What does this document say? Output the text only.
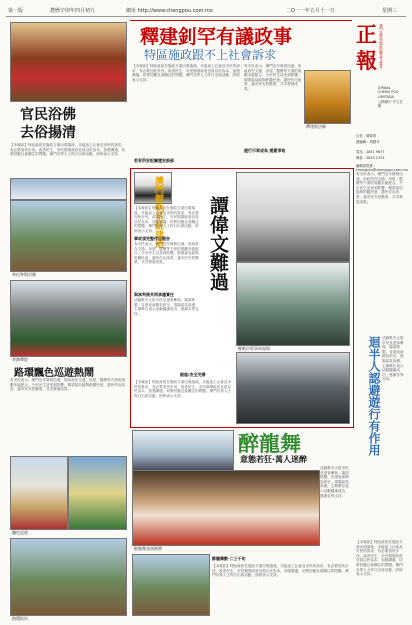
第一版	農曆辛卯年四月初九	網址 http://www.chengpou.com.mo	二O一一年五月十一日	星期三
官民浴佛
去俗揚清
【本報訊】特區政府在施政方面出現落後，未能追上社會及市民的訴求，有必要加快步伐，改善民生，市民期望政府官員以民為本，加強溝通，切實回應社會關注的問題。澳門各界人士昨日出席活動，紛紛表示支持。
善信參與浴佛
普濟禪院
路環飄色巡遊熱鬧
有市民表示，澳門近年發展迅速，但政府在交通、房屋、醫療等方面的規劃未能配合，令市民生活受到影響。期望當局能夠聆聽民意，盡快作出改善，讓市民安居樂業，共享發展成果。
飄色巡遊
路環街坊
釋建釗罕有議政事
特區施政跟不上社會訴求
【本報訊】特區政府在施政方面出現落後，未能追上社會及市民的訴求，有必要加快步伐，改善民生，市民期望政府官員以民為本，加強溝通，切實回應社會關注的問題。澳門各界人士昨日出席活動，紛紛表示支持。
有市民表示，澳門近年發展迅速，但政府在交通、房屋、醫療等方面的規劃未能配合，令市民生活受到影響。期望當局能夠聆聽民意，盡快作出改善，讓市民安居樂業，共享發展成果。
釋建釗法師
遊行示眾成為 提素爭取
若有所安記關建安設部
正報 澳門及珠海地區的權益守護者
JORNAL CHENG POU LIMITADA
公開發行·中文日報
社長 : 陳偉智
總編輯 : 胡國年
電話 : 2851 9677
傳真 : 2853 2373
編輯部電郵 : chengpou@chengpou.com.mo
澳門輕軌系統建造 譚偉文難過
【本報訊】特區政府在施政方面出現落後，未能追上社會及市民的訴求，有必要加快步伐，改善民生，市民期望政府官員以民為本，加強溝通，切實回應社會關注的問題。澳門各界人士昨日出席活動，紛紛表示支持。
事故須完整作出報告
有市民表示，澳門近年發展迅速，但政府在交通、房屋、醫療等方面的規劃未能配合，令市民生活受到影響。期望當局能夠聆聽民意，盡快作出改善，讓市民安居樂業，共享發展成果。
與承判商共同承擔責任
活動吸引大批市民及遊客參與，場面熱鬧，各項表演精彩紛呈，現場氣氛高漲，主辦單位表示活動圓滿成功，感謝各界支持。
跟進:安全完善
【本報訊】特區政府在施政方面出現落後，未能追上社會及市民的訴求，有必要加快步伐，改善民生，市民期望政府官員以民為本，加強溝通，切實回應社會關注的問題。澳門各界人士昨日出席活動，紛紛表示支持。
輕軌吊臂事故現場
有市民表示，澳門近年發展迅速，但政府在交通、房屋、醫療等方面的規劃未能配合，令市民生活受到影響。期望當局能夠聆聽民意，盡快作出改善，讓市民安居樂業，共享發展成果。
迴半人認避遊行有作用 活動吸引大批市民及遊客參與，場面熱鬧，各項表演精彩紛呈，現場氣氛高漲，主辦單位表示活動圓滿成功，感謝各界支持。
【本報訊】特區政府在施政方面出現落後，未能追上社會及市民的訴求，有必要加快步伐，改善民生，市民期望政府官員以民為本，加強溝通，切實回應社會關注的問題。澳門各界人士昨日出席活動，紛紛表示支持。
醉龍舞
意態若狂·萬人迷醉
醉龍舞表演熱鬧
活動吸引大批市民及遊客參與，場面熱鬧，各項表演精彩紛呈，現場氣氛高漲，主辦單位表示活動圓滿成功，感謝各界支持。
醉龍舞動·二三千旬
【本報訊】特區政府在施政方面出現落後，未能追上社會及市民的訴求，有必要加快步伐，改善民生，市民期望政府官員以民為本，加強溝通，切實回應社會關注的問題。澳門各界人士昨日出席活動，紛紛表示支持。
